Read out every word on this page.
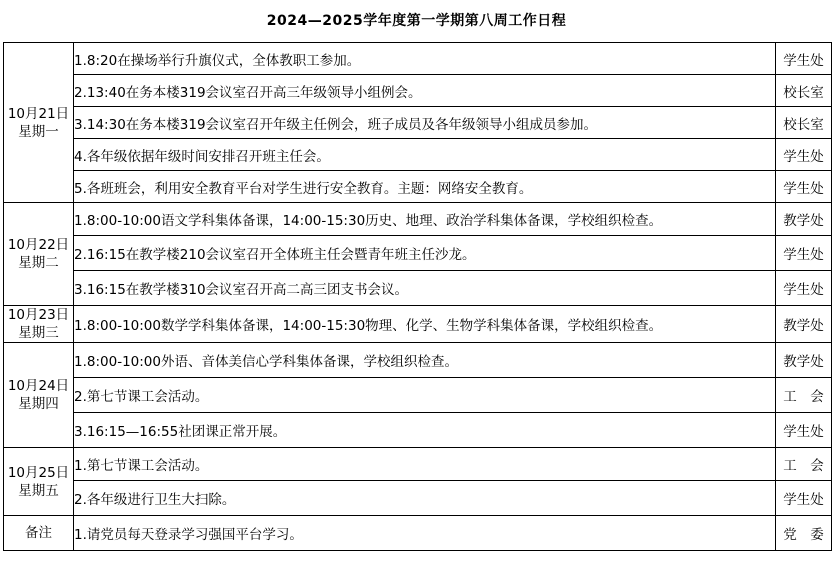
2024—2025学年度第一学期第八周工作日程
10月21日
星期一	1.8:20在操场举行升旗仪式，全体教职工参加。	学生处
	2.13:40在务本楼319会议室召开高三年级领导小组例会。	校长室
	3.14:30在务本楼319会议室召开年级主任例会，班子成员及各年级领导小组成员参加。	校长室
	4.各年级依据年级时间安排召开班主任会。	学生处
	5.各班班会，利用安全教育平台对学生进行安全教育。主题：网络安全教育。	学生处

10月22日
星期二	1.8:00-10:00语文学科集体备课，14:00-15:30历史、地理、政治学科集体备课，学校组织检查。	教学处
	2.16:15在教学楼210会议室召开全体班主任会暨青年班主任沙龙。	学生处
	3.16:15在教学楼310会议室召开高二高三团支书会议。	学生处

10月23日
星期三	1.8:00-10:00数学学科集体备课，14:00-15:30物理、化学、生物学科集体备课，学校组织检查。	教学处

10月24日
星期四	1.8:00-10:00外语、音体美信心学科集体备课，学校组织检查。	教学处
	2.第七节课工会活动。	工　会
	3.16:15—16:55社团课正常开展。	学生处

10月25日
星期五	1.第七节课工会活动。	工　会
	2.各年级进行卫生大扫除。	学生处
备注	1.请党员每天登录学习强国平台学习。	党　委
